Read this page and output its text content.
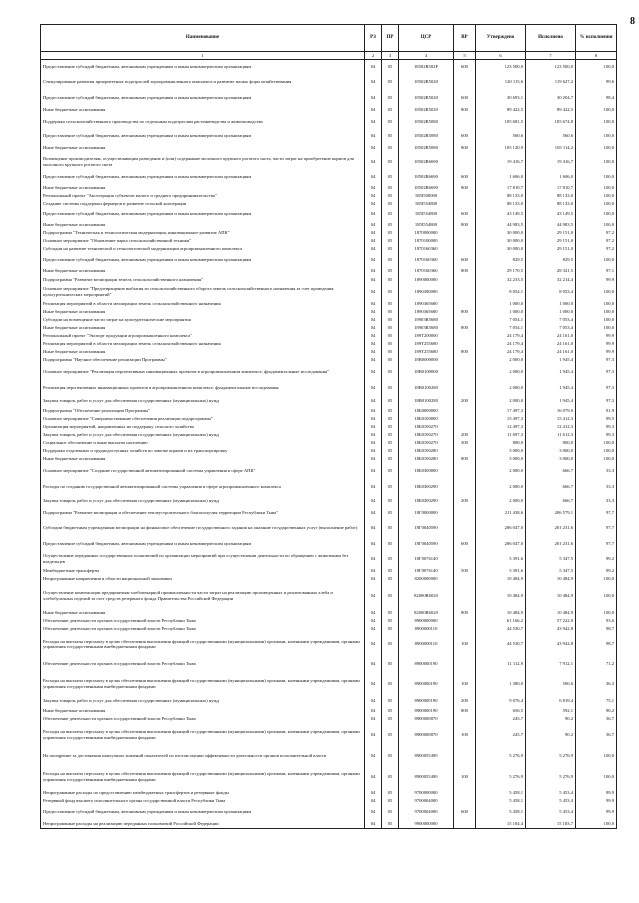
8
Наименование	РЗ	ПР	ЦСР	ВР	Утверждено	Исполнено	% исполнения
1	2	3	4	5	6	7	8
Предоставление субсидий бюджетным, автономным учреждениям и иным некоммерческим организациям	04	05	18502R502F	600	123 500,0	123 500,0	100,0
Стимулирование развития приоритетных подотраслей агропромышленного комплекса и развитие малых форм хозяйствования	04	05	18502R5020		120 115,6	119 627,2	99,6
Предоставление субсидий бюджетным, автономным учреждениям и иным некоммерческим организациям	04	05	18502R5020	600	30 693,1	30 204,7	98,4
Иные бюджетные ассигнования	04	05	18502R5020	800	89 422,5	89 422,5	100,0
Поддержка сельскохозяйственного производства по отдельным подотраслям растениеводства и животноводства	04	05	18502R5080		105 681,5	105 674,8	100,0
Предоставление субсидий бюджетным, автономным учреждениям и иным некоммерческим организациям	04	05	18502R5080	600	560,6	560,6	100,0
Иные бюджетные ассигнования	04	05	18502R5080	800	105 120,9	105 114,2	100,0
Возмещение производителям, осуществляющим разведение и (или) содержание молочного крупного рогатого скота, части затрат на приобретение кормов для молочного крупного рогатого скота	04	05	18502R6690		19 416,7	19 416,7	100,0
Предоставление субсидий бюджетным, автономным учреждениям и иным некоммерческим организациям	04	05	18502R6690	600	1 606,0	1 606,0	100,0
Иные бюджетные ассигнования	04	05	18502R6690	800	17 810,7	17 810,7	100,0
Региональный проект "Акселерация субъектов малого и среднего предпринимательства"	04	05	185I500000		88 133,0	88 133,0	100,0
Создание системы поддержки фермеров и развитие сельской кооперации	04	05	185I554800		88 133,0	88 133,0	100,0
Предоставление субсидий бюджетным, автономным учреждениям и иным некоммерческим организациям	04	05	185I554800	600	43 149,5	43 149,5	100,0
Иные бюджетные ассигнования	04	05	185I554800	800	44 983,5	44 983,5	100,0
Подпрограмма "Техническая и технологическая модернизация, инновационное развитие АПК"	04	05	1870000000		30 000,0	29 151,0	97,2
Основное мероприятие "Обновление парка сельскохозяйственной техники"	04	05	1870100000		30 000,0	29 151,0	97,2
Субсидии на развитие технической и технологической модернизации агропромышленного комплекса	04	05	1870160360		30 000,0	29 151,0	97,2
Предоставление субсидий бюджетным, автономным учреждениям и иным некоммерческим организациям	04	05	1870160360	600	829,5	829,5	100,0
Иные бюджетные ассигнования	04	05	1870160360	800	29 170,5	28 321,5	97,1
Подпрограмма "Развитие мелиорации земель сельскохозяйственного назначения"	04	05	1890000000		32 233,5	32 214,4	99,9
Основное мероприятие "Предотвращение выбытия из сельскохозяйственного оборота земель сельскохозяйственного назначения за счет проведения культуртехнических мероприятий"	04	05	1890300000		8 054,1	8 053,4	100,0
Реализация мероприятий в области мелиорации земель сельскохозяйственного назначения	04	05	1890365680		1 000,0	1 000,0	100,0
Иные бюджетные ассигнования	04	05	1890365680	800	1 000,0	1 000,0	100,0
Субсидии на возмещение части затрат на культуртехнические мероприятия	04	05	18903R5680		7 054,1	7 053,4	100,0
Иные бюджетные ассигнования	04	05	18903R5680	800	7 054,1	7 053,4	100,0
Региональный проект "Экспорт продукции агропромышленного комплекса"	04	05	189T200000		24 179,4	24 161,0	99,9
Реализация мероприятий в области мелиорации земель сельскохозяйственного назначения	04	05	189T255680		24 179,4	24 161,0	99,9
Иные бюджетные ассигнования	04	05	189T255680	800	24 179,4	24 161,0	99,9
Подпрограмма "Научное обеспечение реализации Программы"	04	05	18В0000000		2 000,0	1 945,4	97,3
Основное мероприятие "Реализация перспективных инновационных проектов в агропромышленном комплексе, фундаментальные исследования"	04	05	18В0100000		2 000,0	1 945,4	97,3
Реализация перспективных инновационных проектов в агропромышленном комплексе, фундаментальные исследования	04	05	18В0100280		2 000,0	1 945,4	97,3
Закупка товаров, работ и услуг для обеспечения государственных (муниципальных) нужд	04	05	18В0100280	200	2 000,0	1 945,4	97,3
Подпрограмма "Обеспечение реализации Программы"	04	05	18Б0000000		17 497,3	16 079,0	91,9
Основное мероприятие "Совершенствование обеспечения реализации подпрограммы"	04	05	18Б0100000		15 497,3	15 412,3	99,5
Организация мероприятий, направленных на поддержку сельского хозяйства	04	05	18Б0100270		12 497,3	12 412,3	99,3
Закупка товаров, работ и услуг для обеспечения государственных (муниципальных) нужд	04	05	18Б0100270	200	11 697,3	11 612,3	99,3
Социальное обеспечение и иные выплаты населению	04	05	18Б0100270	300	800,0	800,0	100,0
Поддержка отдаленных и труднодоступных хозяйств по завозке кормов и их транспортировку	04	05	18Б0100280		3 000,0	3 000,0	100,0
Иные бюджетные ассигнования	04	05	18Б0100280	800	3 000,0	3 000,0	100,0
Основное мероприятие "Создание государственной автоматизированной системы управления в сфере АПК"	04	05	18Б0300000		2 000,0	666,7	33,3
Расходы по созданию государственной автоматизированной системы управления в сфере агропромышленного комплекса	04	05	18Б0300290		2 000,0	666,7	33,3
Закупка товаров, работ и услуг для обеспечения государственных (муниципальных) нужд	04	05	18Б0300290	200	2 000,0	666,7	33,3
Подпрограмма "Развитие мелиорации и обеспечение землеустроительного благополучия территории Республики Тыва"	04	05	18Г0000000		211 438,6	206 579,1	97,7
Субсидии бюджетным учреждениям мелиорации на финансовое обеспечение государственного задания на оказание государственных услуг (выполнение работ)	04	05	18Г0040590		206 047,0	201 231,6	97,7
Предоставление субсидий бюджетным, автономным учреждениям и иным некоммерческим организациям	04	05	18Г0040590	600	206 047,0	201 231,6	97,7
Осуществление переданных государственных полномочий по организации мероприятий при осуществлении деятельности по обращению с животными без владельцев	04	05	18Г0076140		5 391,6	5 347,5	99,2
Межбюджетные трансферты	04	05	18Г0076140	500	5 391,6	5 347,5	99,2
Непрограммные направления в области национальной экономики	04	05	8200000000		10 484,9	10 484,9	100,0
Осуществление компенсации предприятиям хлебопекарной промышленности части затрат на реализацию произведенных и реализованных хлеба и хлебобулочных изделий за счет средств резервного фонда Правительства Российской Федерации	04	05	82000R6020		10 484,9	10 484,9	100,0
Иные бюджетные ассигнования	04	05	82000R6020	800	10 484,9	10 484,9	100,0
Обеспечение деятельности органов государственной власти Республики Тыва	04	05	8900000000		61 166,2	57 222,0	93,6
Обеспечение деятельности органов государственной власти Республики Тыва	04	05	8900000110		44 530,7	43 942,8	98,7
Расходы на выплаты персоналу в целях обеспечения выполнения функций государственными (муниципальными) органами, казенными учреждениями, органами управления государственными внебюджетными фондами	04	05	8900000110	100	44 530,7	43 942,8	98,7
Обеспечение деятельности органов государственной власти Республики Тыва	04	05	8900000190		11 112,9	7 912,1	71,2
Расходы на выплаты персоналу в целях обеспечения выполнения функций государственными (муниципальными) органами, казенными учреждениями, органами управления государственными внебюджетными фондами	04	05	8900000190	100	1 380,0	500,6	36,3
Закупка товаров, работ и услуг для обеспечения государственных (муниципальных) нужд	04	05	8900000190	200	9 076,4	6 819,4	75,1
Иные бюджетные ассигнования	04	05	8900000190	800	656,5	592,1	90,2
Обеспечение деятельности органов государственной власти Республики Тыва	04	05	8900000870		245,7	90,2	36,7
Расходы на выплаты персоналу в целях обеспечения выполнения функций государственными (муниципальными) органами, казенными учреждениями, органами управления государственными внебюджетными фондами	04	05	8900000870	100	245,7	90,2	36,7
На поощрение за достижения наилучших значений показателей по итогам оценки эффективности деятельности органов исполнительной власти	04	05	8900055490		5 276,9	5 276,9	100,0
Расходы на выплаты персоналу в целях обеспечения выполнения функций государственными (муниципальными) органами, казенными учреждениями, органами управления государственными внебюджетными фондами	04	05	8900055490	100	5 276,9	5 276,9	100,0
Непрограммные расходы по предоставлению межбюджетных трансфертов и резервные фонды	04	05	9700000000		5 458,1	5 453,4	99,9
Резервный фонд высшего исполнительного органа государственной власти Республики Тыва	04	05	9700004000		5 458,1	5 453,4	99,9
Предоставление субсидий бюджетным, автономным учреждениям и иным некоммерческим организациям	04	05	9700004000	600	5 458,1	5 453,4	99,9
Непрограммные расходы на реализацию переданных полномочий Российской Федерации	04	05	9900000000		15 184,4	15 183,7	100,0
